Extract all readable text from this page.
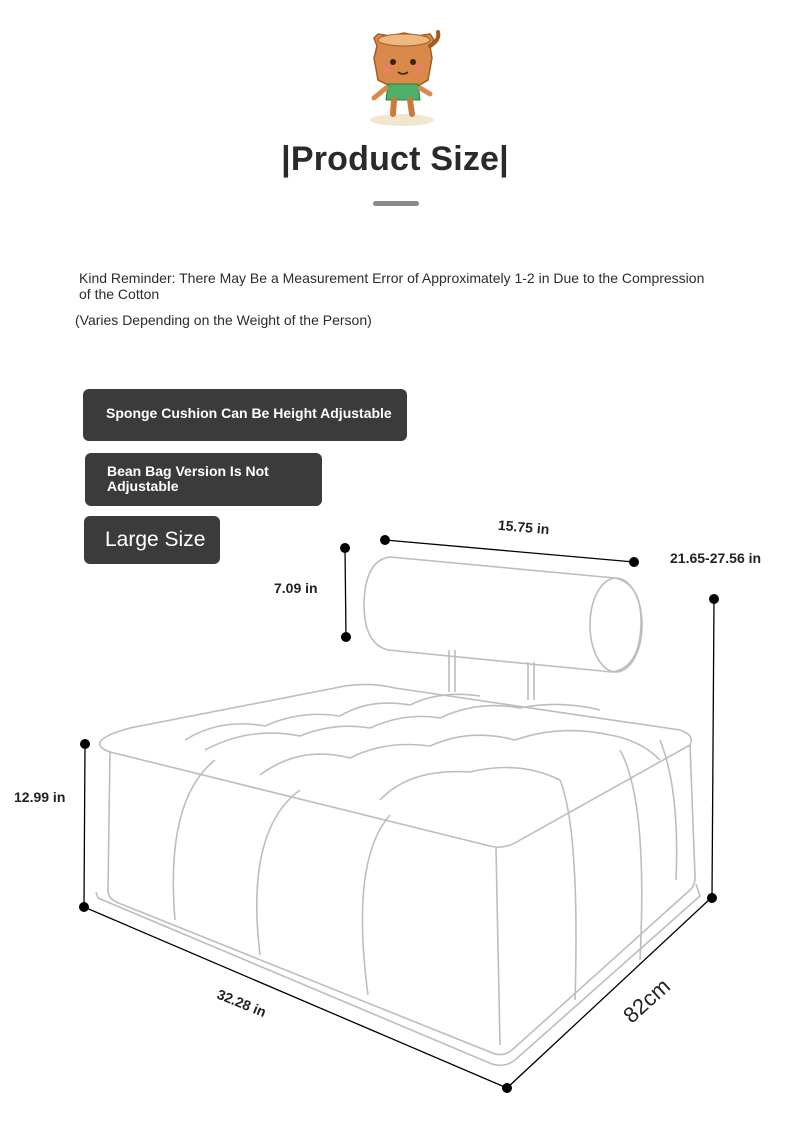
|Product Size|
Kind Reminder: There May Be a Measurement Error of Approximately 1-2 in Due to the Compression of the Cotton
(Varies Depending on the Weight of the Person)
Sponge Cushion Can Be Height Adjustable
Bean Bag Version Is Not Adjustable
Large Size
15.75 in
7.09 in
21.65-27.56 in
12.99 in
32.28 in	82cm
